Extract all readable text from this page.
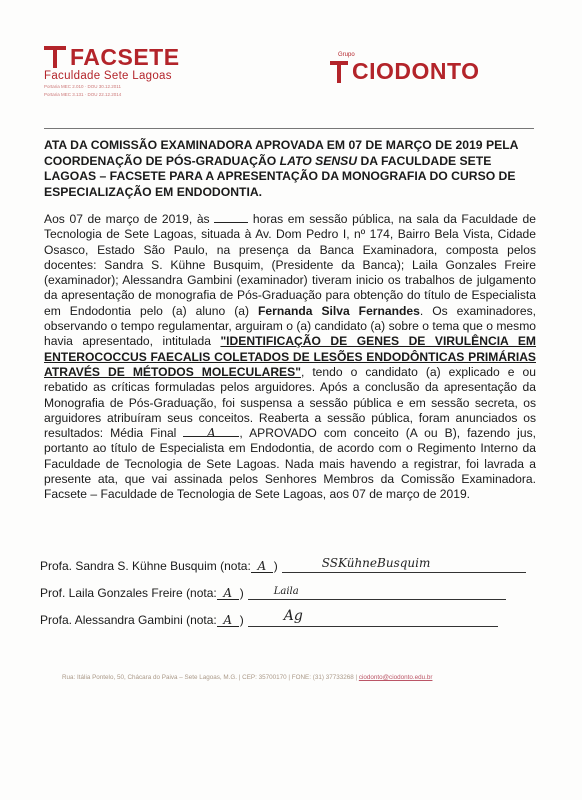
FACSETE
Faculdade Sete Lagoas
Portaria MEC 2.010 · DOU 30.12.2011
Portaria MEC 3.131 · DOU 22.12.2014
Grupo
CIODONTO
ATA DA COMISSÃO EXAMINADORA APROVADA EM 07 DE MARÇO DE 2019 PELA COORDENAÇÃO DE PÓS-GRADUAÇÃO LATO SENSU DA FACULDADE SETE LAGOAS – FACSETE PARA A APRESENTAÇÃO DA MONOGRAFIA DO CURSO DE ESPECIALIZAÇÃO EM ENDODONTIA.
Aos 07 de março de 2019, às	horas em sessão pública, na sala da Faculdade de Tecnologia de Sete Lagoas, situada à Av. Dom Pedro I, nº 174, Bairro Bela Vista, Cidade Osasco, Estado São Paulo, na presença da Banca Examinadora, composta pelos docentes: Sandra S. Kühne Busquim, (Presidente da Banca); Laila Gonzales Freire (examinador); Alessandra Gambini (examinador) tiveram inicio os trabalhos de julgamento da apresentação de monografia de Pós-Graduação para obtenção do título de Especialista em Endodontia pelo (a) aluno (a) Fernanda Silva Fernandes. Os examinadores, observando o tempo regulamentar, arguiram o (a) candidato (a) sobre o tema que o mesmo havia apresentado, intitulada "IDENTIFICAÇÃO DE GENES DE VIRULÊNCIA EM ENTEROCOCCUS FAECALIS COLETADOS DE LESÕES ENDODÔNTICAS PRIMÁRIAS ATRAVÉS DE MÉTODOS MOLECULARES", tendo o candidato (a) explicado e ou rebatido as críticas formuladas pelos arguidores. Após a conclusão da apresentação da Monografia de Pós-Graduação, foi suspensa a sessão pública e em sessão secreta, os arguidores atribuíram seus conceitos. Reaberta a sessão pública, foram anunciados os resultados: Média Final	A , APROVADO com conceito (A ou B), fazendo jus, portanto ao título de Especialista em Endodontia, de acordo com o Regimento Interno da Faculdade de Tecnologia de Sete Lagoas. Nada mais havendo a registrar, foi lavrada a presente ata, que vai assinada pelos Senhores Membros da Comissão Examinadora. Facsete – Faculdade de Tecnologia de Sete Lagoas, aos 07 de março de 2019.
Profa. Sandra S. Kühne Busquim (nota: A )	SSKühneBusquim
Prof. Laila Gonzales Freire (nota: A )	Laila
Profa. Alessandra Gambini (nota: A )	Ag
Rua: Itália Pontelo, 50, Chácara do Paiva – Sete Lagoas, M.G. | CEP: 35700170 | FONE: (31) 37733268 | ciodonto@ciodonto.edu.br
